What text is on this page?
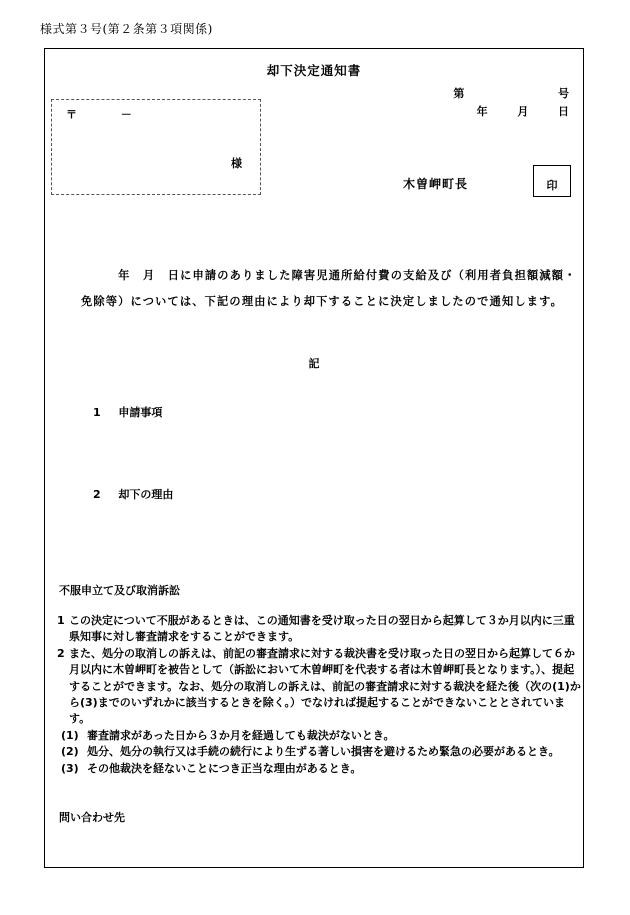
様式第３号(第２条第３項関係)
却下決定通知書
第	号
年	月	日
〒	－
様
木曽岬町長	印
　　　年　月　日に申請のありました障害児通所給付費の支給及び（利用者負担額減額・免除等）については、下記の理由により却下することに決定しましたので通知します。
記
1 申請事項
2 却下の理由
不服申立て及び取消訴訟
1 この決定について不服があるときは、この通知書を受け取った日の翌日から起算して３か月以内に三重県知事に対し審査請求をすることができます。
2 また、処分の取消しの訴えは、前記の審査請求に対する裁決書を受け取った日の翌日から起算して６か月以内に木曽岬町を被告として（訴訟において木曽岬町を代表する者は木曽岬町長となります。）、提起することができます。なお、処分の取消しの訴えは、前記の審査請求に対する裁決を経た後（次の(1)から(3)までのいずれかに該当するときを除く。）でなければ提起することができないこととされています。
(1) 審査請求があった日から３か月を経過しても裁決がないとき。
(2) 処分、処分の執行又は手続の続行により生ずる著しい損害を避けるため緊急の必要があるとき。
(3) その他裁決を経ないことにつき正当な理由があるとき。
問い合わせ先
